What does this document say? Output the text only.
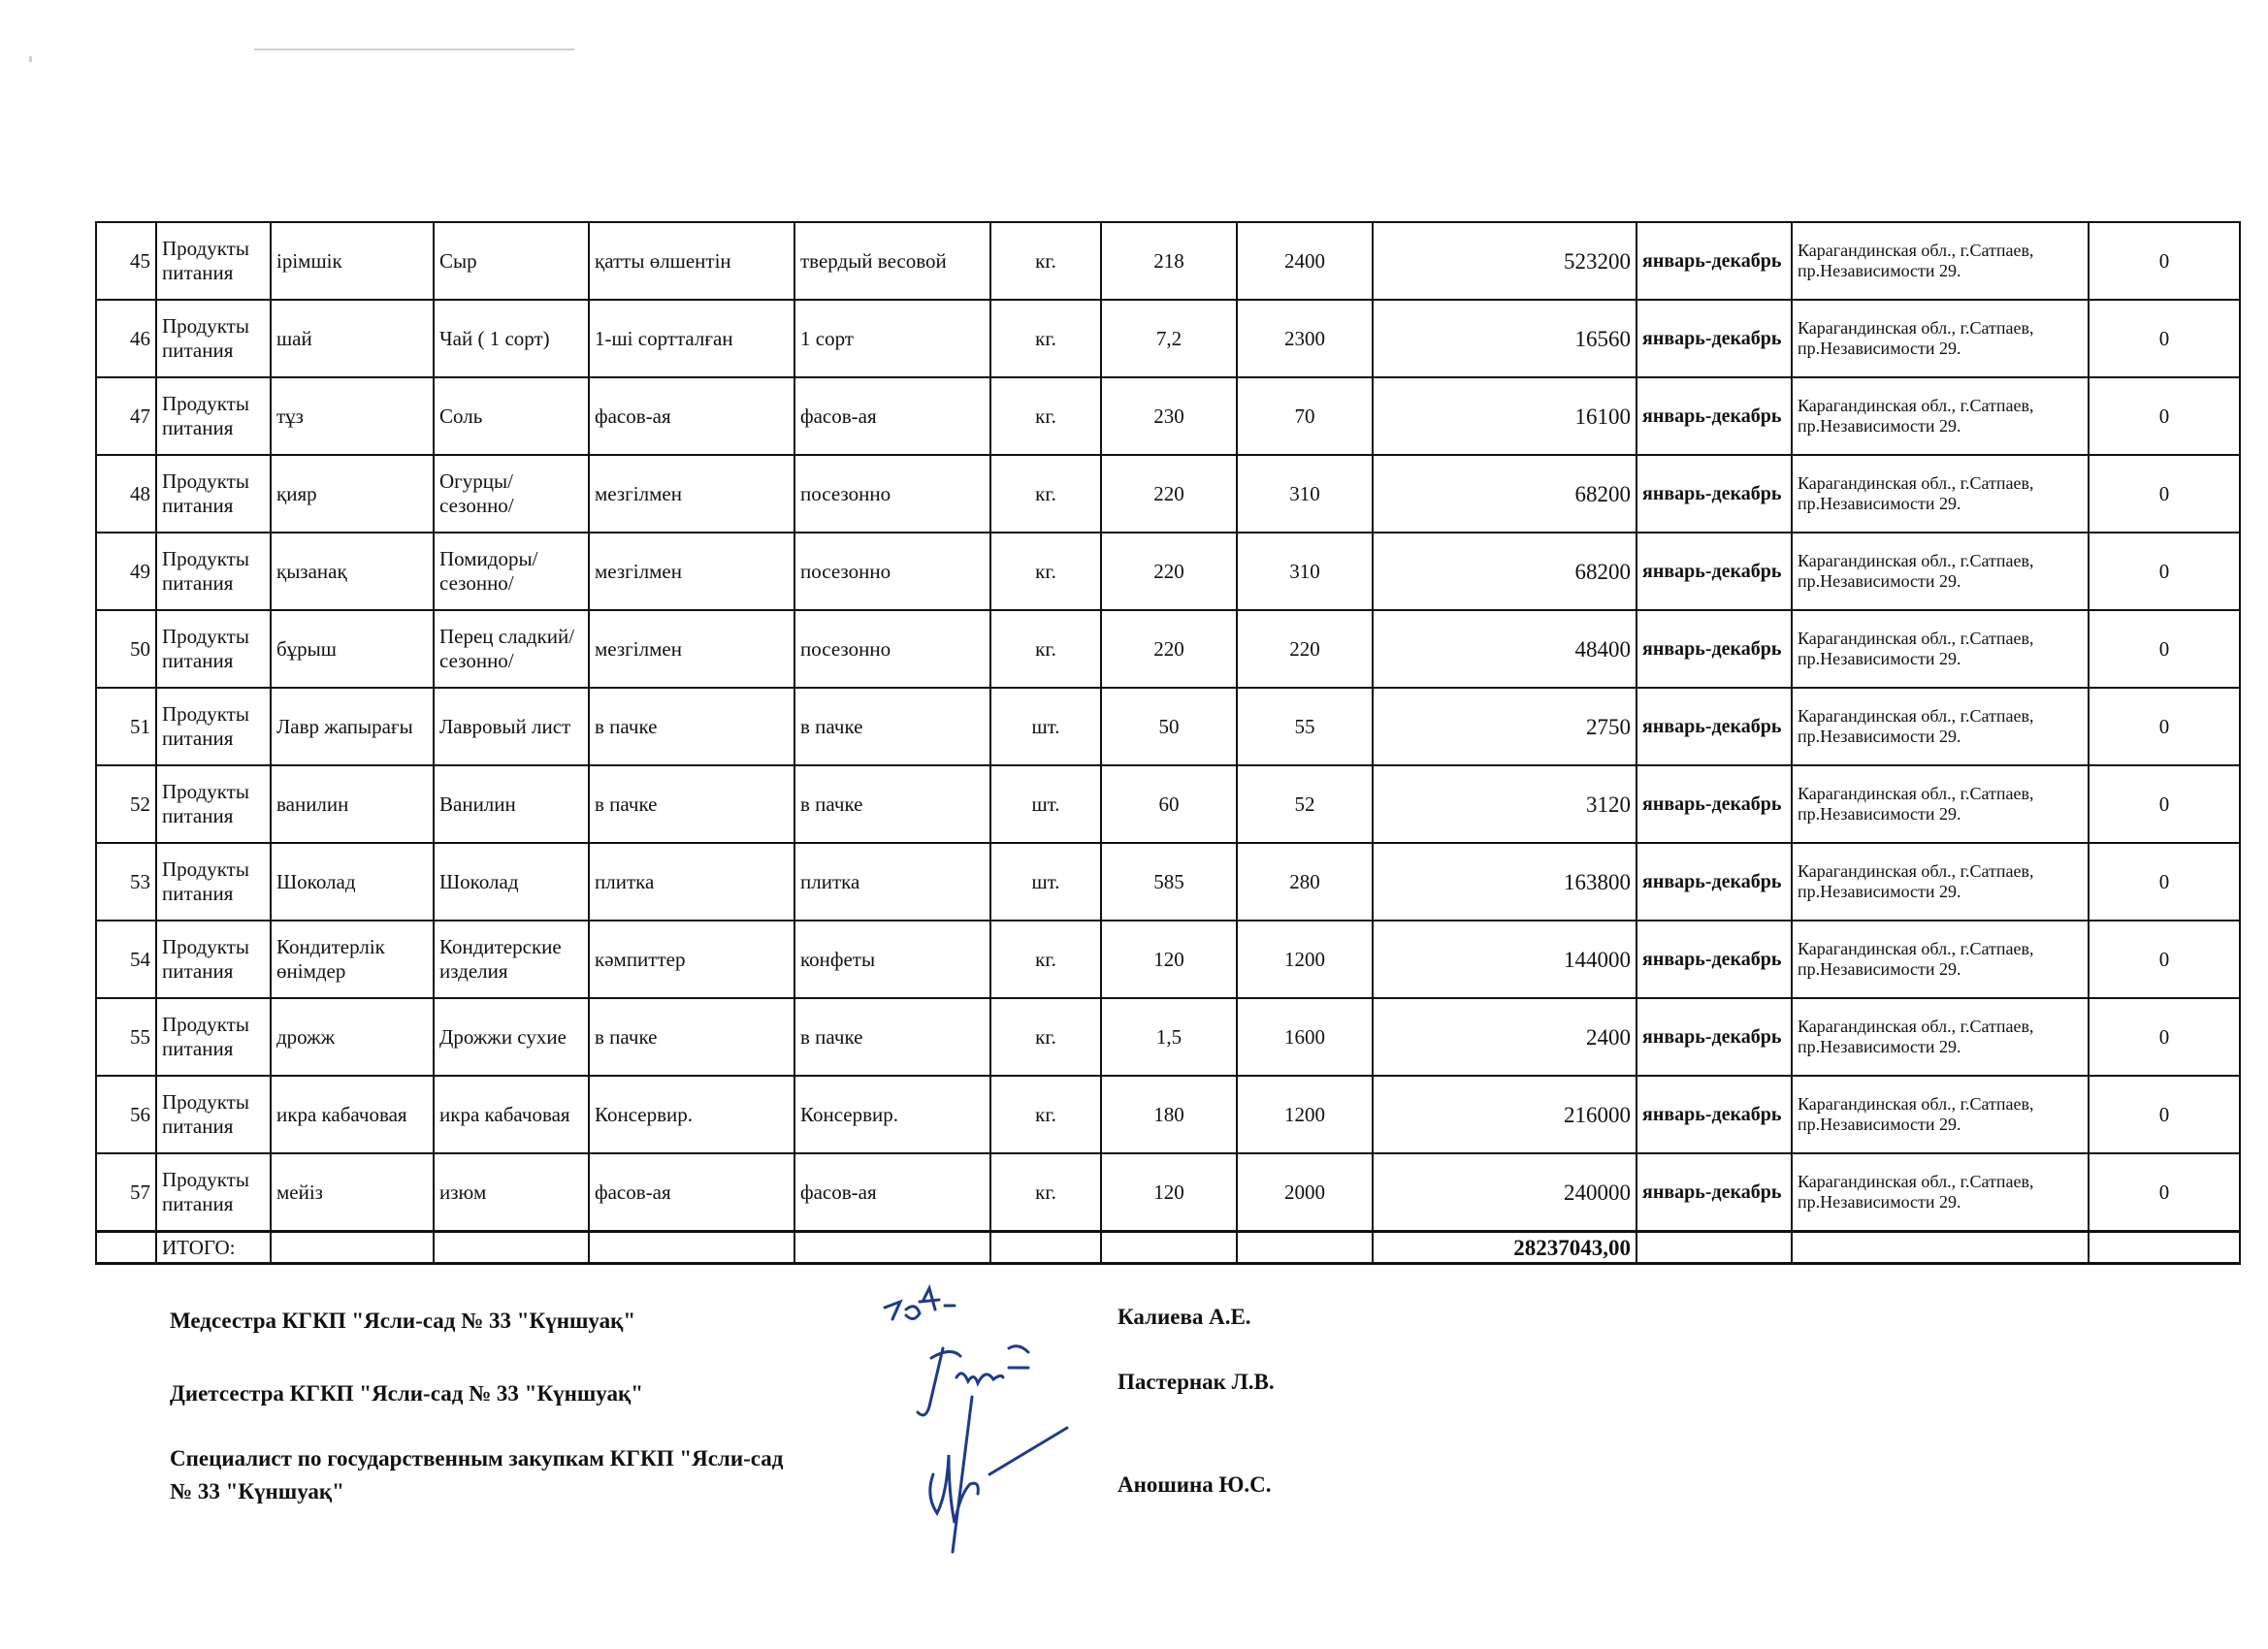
45	Продукты питания	ірімшік	Сыр	қатты өлшентін	твердый весовой	кг.	218	2400	523200	январь-декабрь	Карагандинская обл., г.Сатпаев, пр.Независимости 29.	0
46	Продукты питания	шай	Чай ( 1 сорт)	1-ші сортталған	1 сорт	кг.	7,2	2300	16560	январь-декабрь	Карагандинская обл., г.Сатпаев, пр.Независимости 29.	0
47	Продукты питания	тұз	Соль	фасов-ая	фасов-ая	кг.	230	70	16100	январь-декабрь	Карагандинская обл., г.Сатпаев, пр.Независимости 29.	0
48	Продукты питания	қияр	Огурцы/сезонно/	мезгілмен	посезонно	кг.	220	310	68200	январь-декабрь	Карагандинская обл., г.Сатпаев, пр.Независимости 29.	0
49	Продукты питания	қызанақ	Помидоры/сезонно/	мезгілмен	посезонно	кг.	220	310	68200	январь-декабрь	Карагандинская обл., г.Сатпаев, пр.Независимости 29.	0
50	Продукты питания	бұрыш	Перец сладкий/сезонно/	мезгілмен	посезонно	кг.	220	220	48400	январь-декабрь	Карагандинская обл., г.Сатпаев, пр.Независимости 29.	0
51	Продукты питания	Лавр жапырағы	Лавровый лист	в пачке	в пачке	шт.	50	55	2750	январь-декабрь	Карагандинская обл., г.Сатпаев, пр.Независимости 29.	0
52	Продукты питания	ванилин	Ванилин	в пачке	в пачке	шт.	60	52	3120	январь-декабрь	Карагандинская обл., г.Сатпаев, пр.Независимости 29.	0
53	Продукты питания	Шоколад	Шоколад	плитка	плитка	шт.	585	280	163800	январь-декабрь	Карагандинская обл., г.Сатпаев, пр.Независимости 29.	0
54	Продукты питания	Кондитерлік өнімдер	Кондитерские изделия	кәмпиттер	конфеты	кг.	120	1200	144000	январь-декабрь	Карагандинская обл., г.Сатпаев, пр.Независимости 29.	0
55	Продукты питания	дрожж	Дрожжи сухие	в пачке	в пачке	кг.	1,5	1600	2400	январь-декабрь	Карагандинская обл., г.Сатпаев, пр.Независимости 29.	0
56	Продукты питания	икра кабачовая	икра кабачовая	Консервир.	Консервир.	кг.	180	1200	216000	январь-декабрь	Карагандинская обл., г.Сатпаев, пр.Независимости 29.	0
57	Продукты питания	мейіз	изюм	фасов-ая	фасов-ая	кг.	120	2000	240000	январь-декабрь	Карагандинская обл., г.Сатпаев, пр.Независимости 29.	0
	ИТОГО:								28237043,00			
Медсестра КГКП "Ясли-сад № 33 "Күншуақ"	Калиева А.Е.
Диетсестра КГКП "Ясли-сад № 33 "Күншуақ"	Пастернак Л.В.
Специалист по государственным закупкам КГКП "Ясли-сад № 33 "Күншуақ"	Аношина Ю.С.
